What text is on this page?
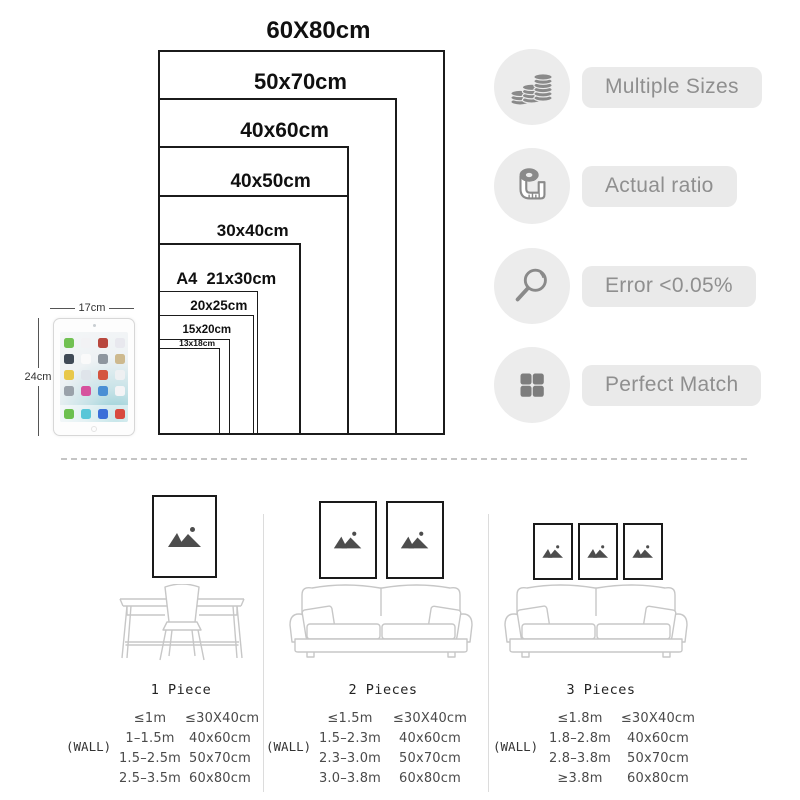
60X80cm
50x70cm
40x60cm
40x50cm
30x40cm
A4  21x30cm
20x25cm
15x20cm
13x18cm
17cm
24cm
Multiple Sizes
Actual ratio
Error <0.05%
Perfect Match
1 Piece	2 Pieces	3 Pieces
(WALL)	(WALL)	(WALL)
≤1m	≤30X40cm
1–1.5m	40x60cm
1.5–2.5m 50x70cm
2.5–3.5m 60x80cm
≤1.5m	≤30X40cm
1.5–2.3m	40x60cm
2.3–3.0m	50x70cm
3.0–3.8m	60x80cm
≤1.8m	≤30X40cm
1.8–2.8m	40x60cm
2.8–3.8m	50x70cm
≥3.8m	60x80cm
